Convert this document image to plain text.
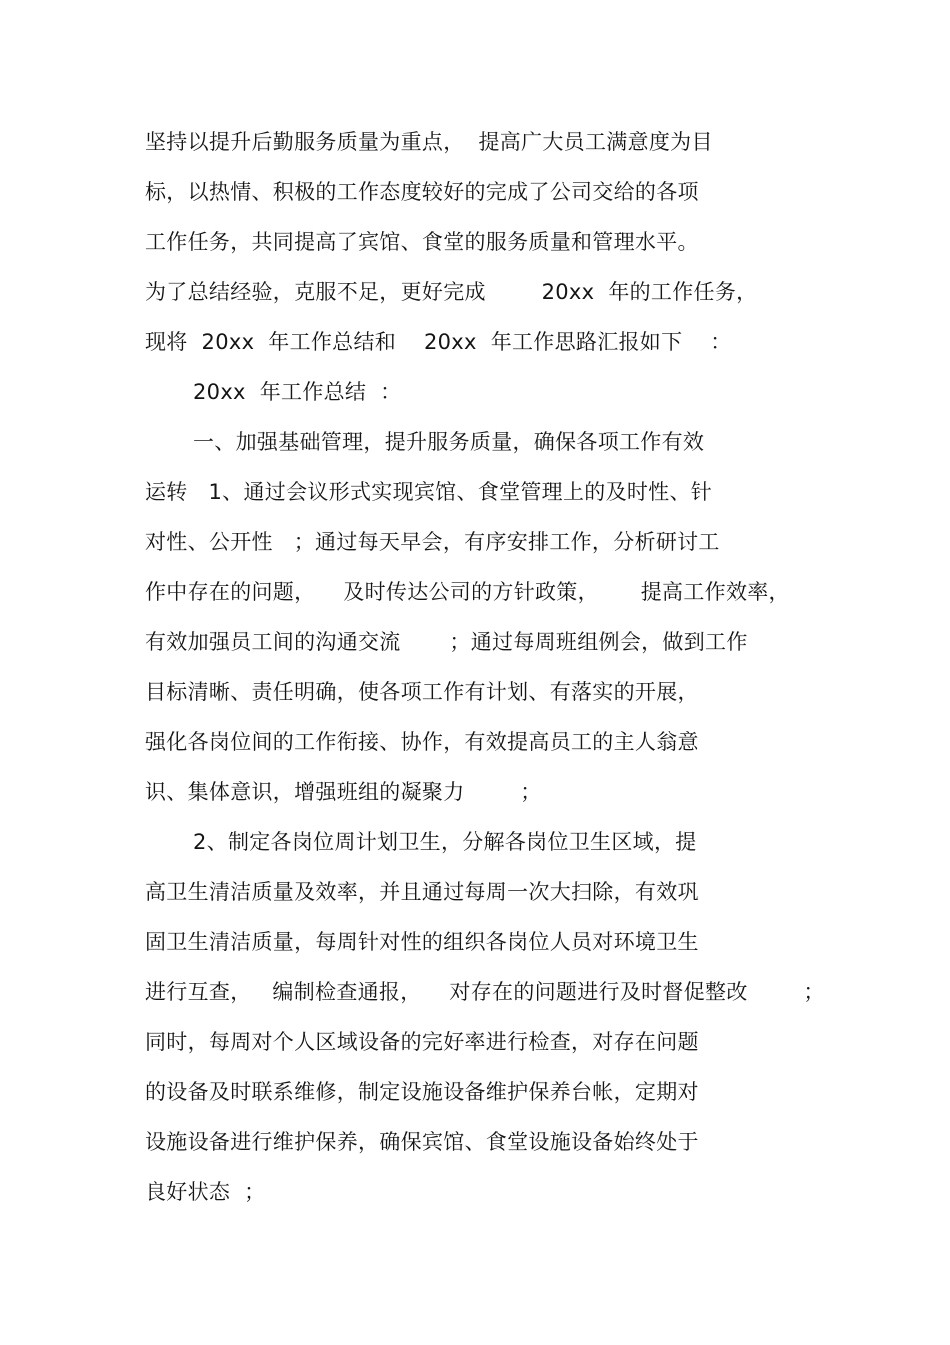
坚持以提升后勤服务质量为重点，  提高广大员工满意度为目
标，以热情、积极的工作态度较好的完成了公司交给的各项
工作任务，共同提高了宾馆、食堂的服务质量和管理水平。
为了总结经验，克服不足，更好完成        20xx  年的工作任务，
现将  20xx  年工作总结和    20xx  年工作思路汇报如下    ：
20xx  年工作总结  ：
一、加强基础管理，提升服务质量，确保各项工作有效
运转   1、通过会议形式实现宾馆、食堂管理上的及时性、针
对性、公开性   ；通过每天早会，有序安排工作，分析研讨工
作中存在的问题，    及时传达公司的方针政策，      提高工作效率，
有效加强员工间的沟通交流       ；通过每周班组例会，做到工作
目标清晰、责任明确，使各项工作有计划、有落实的开展，
强化各岗位间的工作衔接、协作，有效提高员工的主人翁意
识、集体意识，增强班组的凝聚力        ；
2、制定各岗位周计划卫生，分解各岗位卫生区域，提
高卫生清洁质量及效率，并且通过每周一次大扫除，有效巩
固卫生清洁质量，每周针对性的组织各岗位人员对环境卫生
进行互查，   编制检查通报，    对存在的问题进行及时督促整改        ；
同时，每周对个人区域设备的完好率进行检查，对存在问题
的设备及时联系维修，制定设施设备维护保养台帐，定期对
设施设备进行维护保养，确保宾馆、食堂设施设备始终处于
良好状态  ；
